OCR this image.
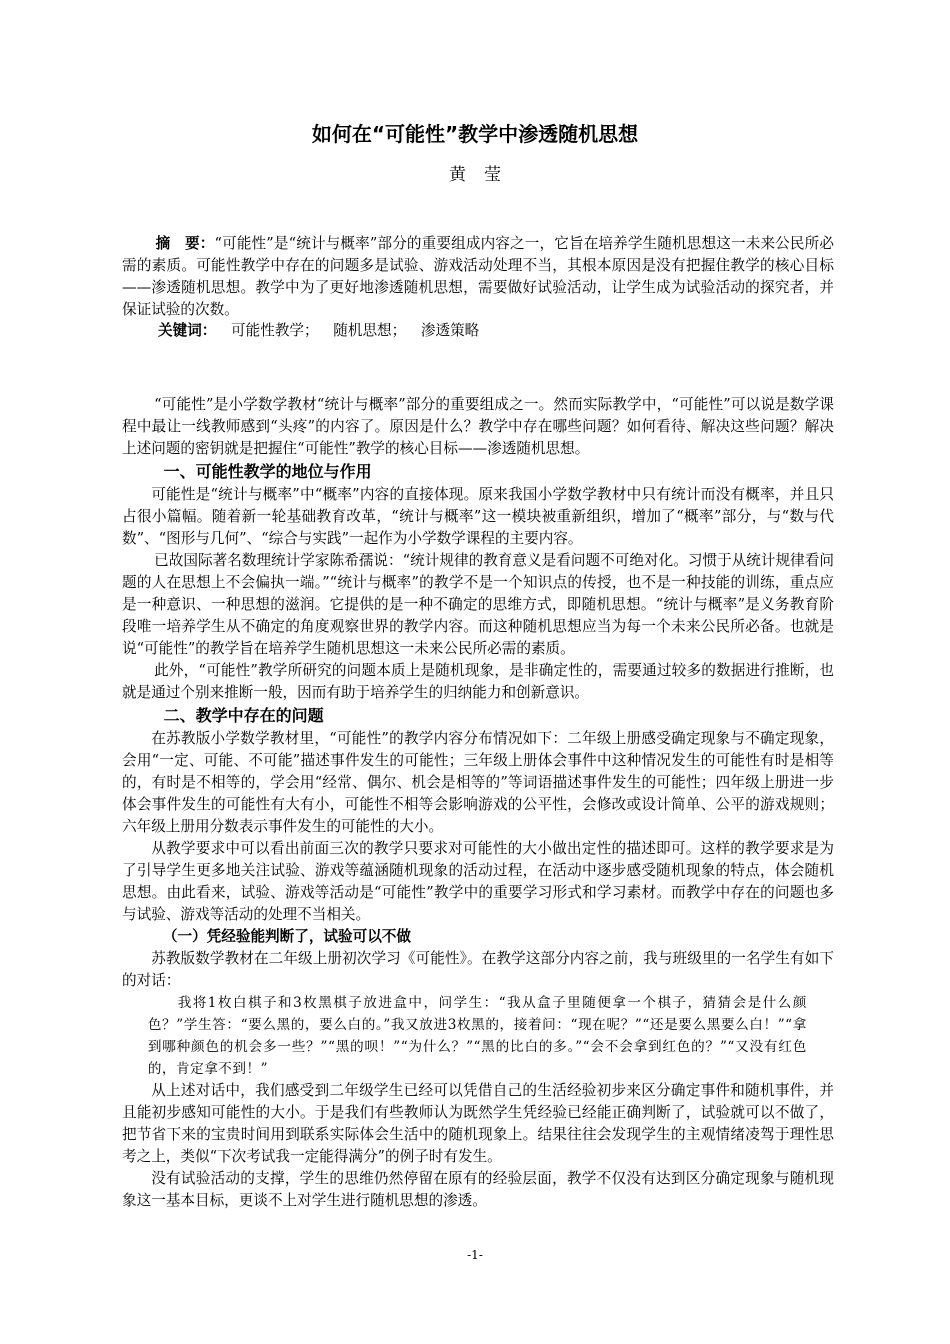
如何在“可能性”教学中渗透随机思想
黄莹
摘　要：“可能性”是“统计与概率”部分的重要组成内容之一，它旨在培养学生随机思想这一未来公民所必需的素质。可能性教学中存在的问题多是试验、游戏活动处理不当，其根本原因是没有把握住教学的核心目标——渗透随机思想。教学中为了更好地渗透随机思想，需要做好试验活动，让学生成为试验活动的探究者，并保证试验的次数。
关键词： 可能性教学； 随机思想； 渗透策略

“可能性”是小学数学教材“统计与概率”部分的重要组成之一。然而实际教学中，“可能性”可以说是数学课程中最让一线教师感到“头疼”的内容了。原因是什么？教学中存在哪些问题？如何看待、解决这些问题？解决上述问题的密钥就是把握住“可能性”教学的核心目标——渗透随机思想。

一、可能性教学的地位与作用

可能性是“统计与概率”中“概率”内容的直接体现。原来我国小学数学教材中只有统计而没有概率，并且只占很小篇幅。随着新一轮基础教育改革，“统计与概率”这一模块被重新组织，增加了“概率”部分，与“数与代数”、“图形与几何”、“综合与实践”一起作为小学数学课程的主要内容。

已故国际著名数理统计学家陈希孺说：“统计规律的教育意义是看问题不可绝对化。习惯于从统计规律看问题的人在思想上不会偏执一端。”“统计与概率”的教学不是一个知识点的传授，也不是一种技能的训练，重点应是一种意识、一种思想的滋润。它提供的是一种不确定的思维方式，即随机思想。“统计与概率”是义务教育阶段唯一培养学生从不确定的角度观察世界的教学内容。而这种随机思想应当为每一个未来公民所必备。也就是说“可能性”的教学旨在培养学生随机思想这一未来公民所必需的素质。

此外，“可能性”教学所研究的问题本质上是随机现象，是非确定性的，需要通过较多的数据进行推断，也就是通过个别来推断一般，因而有助于培养学生的归纳能力和创新意识。

二、教学中存在的问题

在苏教版小学数学教材里，“可能性”的教学内容分布情况如下：二年级上册感受确定现象与不确定现象，会用“一定、可能、不可能”描述事件发生的可能性；三年级上册体会事件中这种情况发生的可能性有时是相等的，有时是不相等的，学会用“经常、偶尔、机会是相等的”等词语描述事件发生的可能性；四年级上册进一步体会事件发生的可能性有大有小，可能性不相等会影响游戏的公平性，会修改或设计简单、公平的游戏规则；六年级上册用分数表示事件发生的可能性的大小。

从教学要求中可以看出前面三次的教学只要求对可能性的大小做出定性的描述即可。这样的教学要求是为了引导学生更多地关注试验、游戏等蕴涵随机现象的活动过程，在活动中逐步感受随机现象的特点，体会随机思想。由此看来，试验、游戏等活动是“可能性”教学中的重要学习形式和学习素材。而教学中存在的问题也多与试验、游戏等活动的处理不当相关。

（一）凭经验能判断了，试验可以不做

苏教版数学教材在二年级上册初次学习《可能性》。在教学这部分内容之前，我与班级里的一名学生有如下的对话：

我将1枚白棋子和3枚黑棋子放进盒中，问学生：“我从盒子里随便拿一个棋子，猜猜会是什么颜色？”学生答：“要么黑的，要么白的。”我又放进3枚黑的，接着问：“现在呢？”“还是要么黑要么白！”“拿到哪种颜色的机会多一些？”“黑的呗！”“为什么？”“黑的比白的多。”“会不会拿到红色的？”“又没有红色的，肯定拿不到！”

从上述对话中，我们感受到二年级学生已经可以凭借自己的生活经验初步来区分确定事件和随机事件，并且能初步感知可能性的大小。于是我们有些教师认为既然学生凭经验已经能正确判断了，试验就可以不做了，把节省下来的宝贵时间用到联系实际体会生活中的随机现象上。结果往往会发现学生的主观情绪凌驾于理性思考之上，类似“下次考试我一定能得满分”的例子时有发生。

没有试验活动的支撑，学生的思维仍然停留在原有的经验层面，教学不仅没有达到区分确定现象与随机现象这一基本目标，更谈不上对学生进行随机思想的渗透。

-1-
